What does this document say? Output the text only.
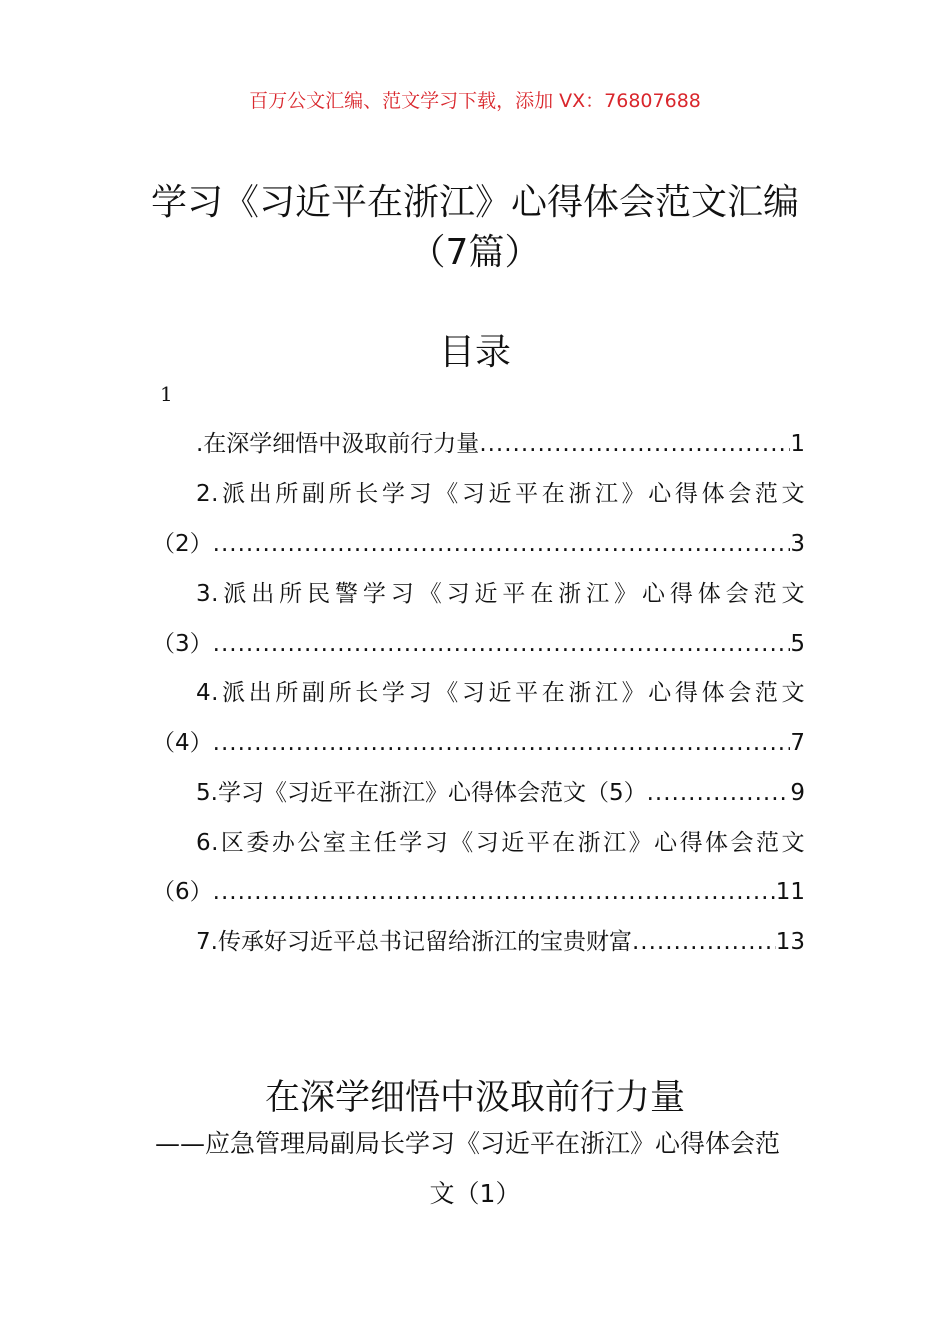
百万公文汇编、范文学习下载，添加 VX：76807688
学习《习近平在浙江》心得体会范文汇编
（7篇）
目录
1
.在深学细悟中汲取前行力量 .....	1
2.派出所副所长学习《习近平在浙江》心得体会范文
（2） .....	3
3.派出所民警学习《习近平在浙江》心得体会范文
（3） .....	5
4.派出所副所长学习《习近平在浙江》心得体会范文
（4） .....	7
5.学习《习近平在浙江》心得体会范文（5） .....	9
6.区委办公室主任学习《习近平在浙江》心得体会范文
（6） .....	11
7.传承好习近平总书记留给浙江的宝贵财富 .....	13
在深学细悟中汲取前行力量
——应急管理局副局长学习《习近平在浙江》心得体会范
文（1）
